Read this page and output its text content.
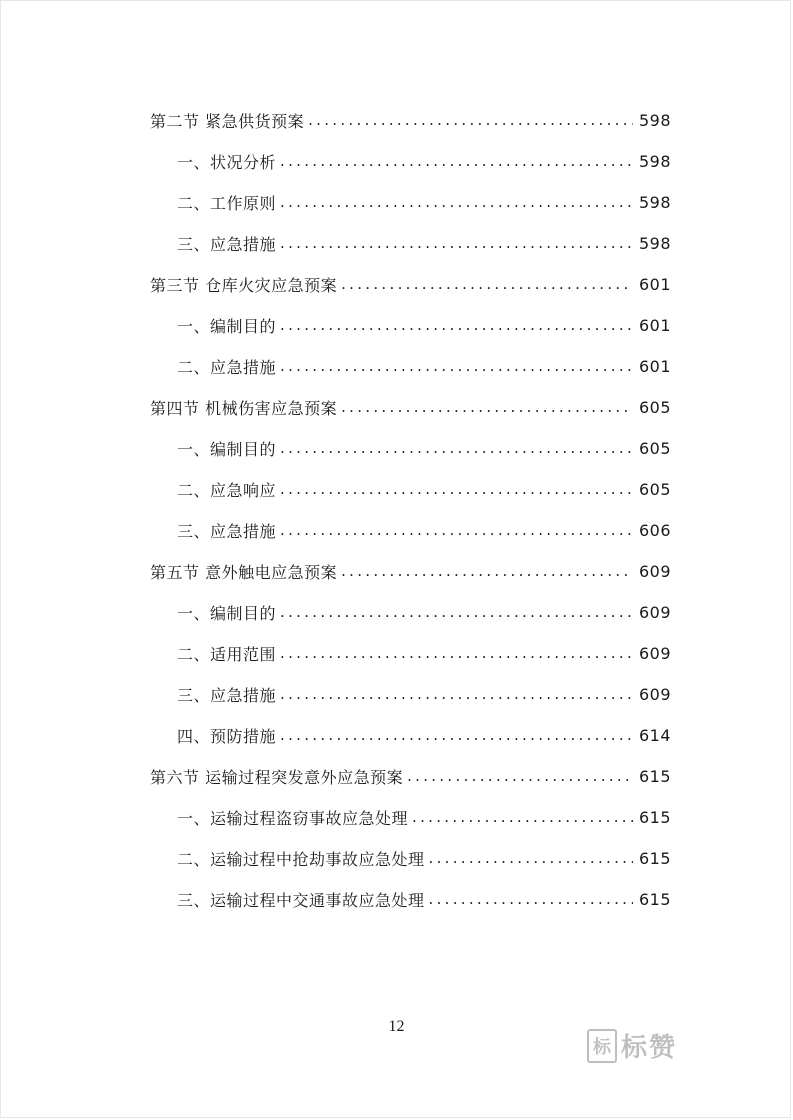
第二节 紧急供货预案 .....	598
一、状况分析 .....	598
二、工作原则 .....	598
三、应急措施 .....	598
第三节 仓库火灾应急预案 .....	601
一、编制目的 .....	601
二、应急措施 .....	601
第四节 机械伤害应急预案 .....	605
一、编制目的 .....	605
二、应急响应 .....	605
三、应急措施 .....	606
第五节 意外触电应急预案 .....	609
一、编制目的 .....	609
二、适用范围 .....	609
三、应急措施 .....	609
四、预防措施 .....	614
第六节 运输过程突发意外应急预案 .....	615
一、运输过程盗窃事故应急处理 .....	615
二、运输过程中抢劫事故应急处理 .....	615
三、运输过程中交通事故应急处理 .....	615
12
标 标赞
